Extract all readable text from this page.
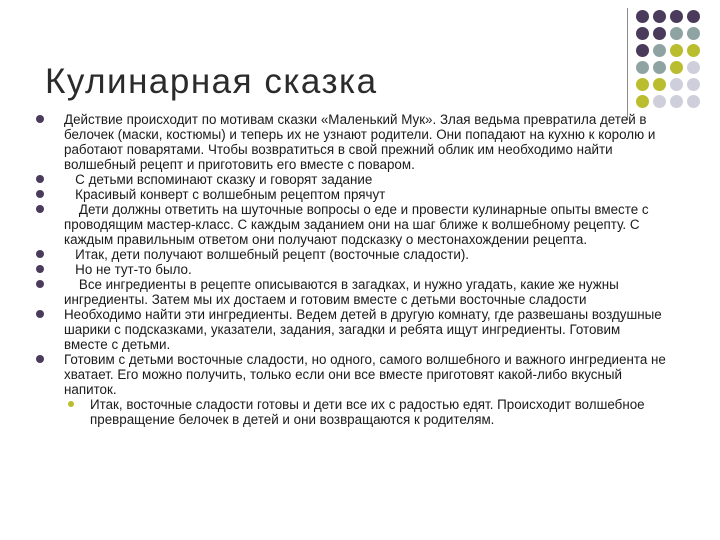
Кулинарная сказка
Действие происходит по мотивам сказки «Маленький Мук». Злая ведьма превратила детей в белочек (маски, костюмы) и теперь их не узнают родители. Они попадают на кухню к королю и работают поварятами. Чтобы возвратиться в свой прежний облик им необходимо найти волшебный рецепт и приготовить его вместе с поваром.
С детьми вспоминают сказку и говорят задание
Красивый конверт с волшебным рецептом прячут
Дети должны ответить на шуточные вопросы о еде и провести кулинарные опыты вместе с проводящим мастер-класс. С каждым заданием они на шаг ближе к волшебному рецепту. С каждым правильным ответом они получают подсказку о местонахождении рецепта.
Итак, дети получают волшебный рецепт (восточные сладости).
Но не тут-то было.
Все ингредиенты в рецепте описываются в загадках, и нужно угадать, какие же нужны ингредиенты. Затем мы их достаем и готовим вместе с детьми восточные сладости
Необходимо найти эти ингредиенты. Ведем детей в другую комнату, где развешаны воздушные шарики с подсказками, указатели, задания, загадки и ребята ищут ингредиенты. Готовим вместе с детьми.
Готовим с детьми восточные сладости, но одного, самого волшебного и важного ингредиента не хватает. Его можно получить, только если они все вместе приготовят какой-либо вкусный напиток.
Итак, восточные сладости готовы и дети все их с радостью едят. Происходит волшебное превращение белочек в детей и они возвращаются к родителям.
